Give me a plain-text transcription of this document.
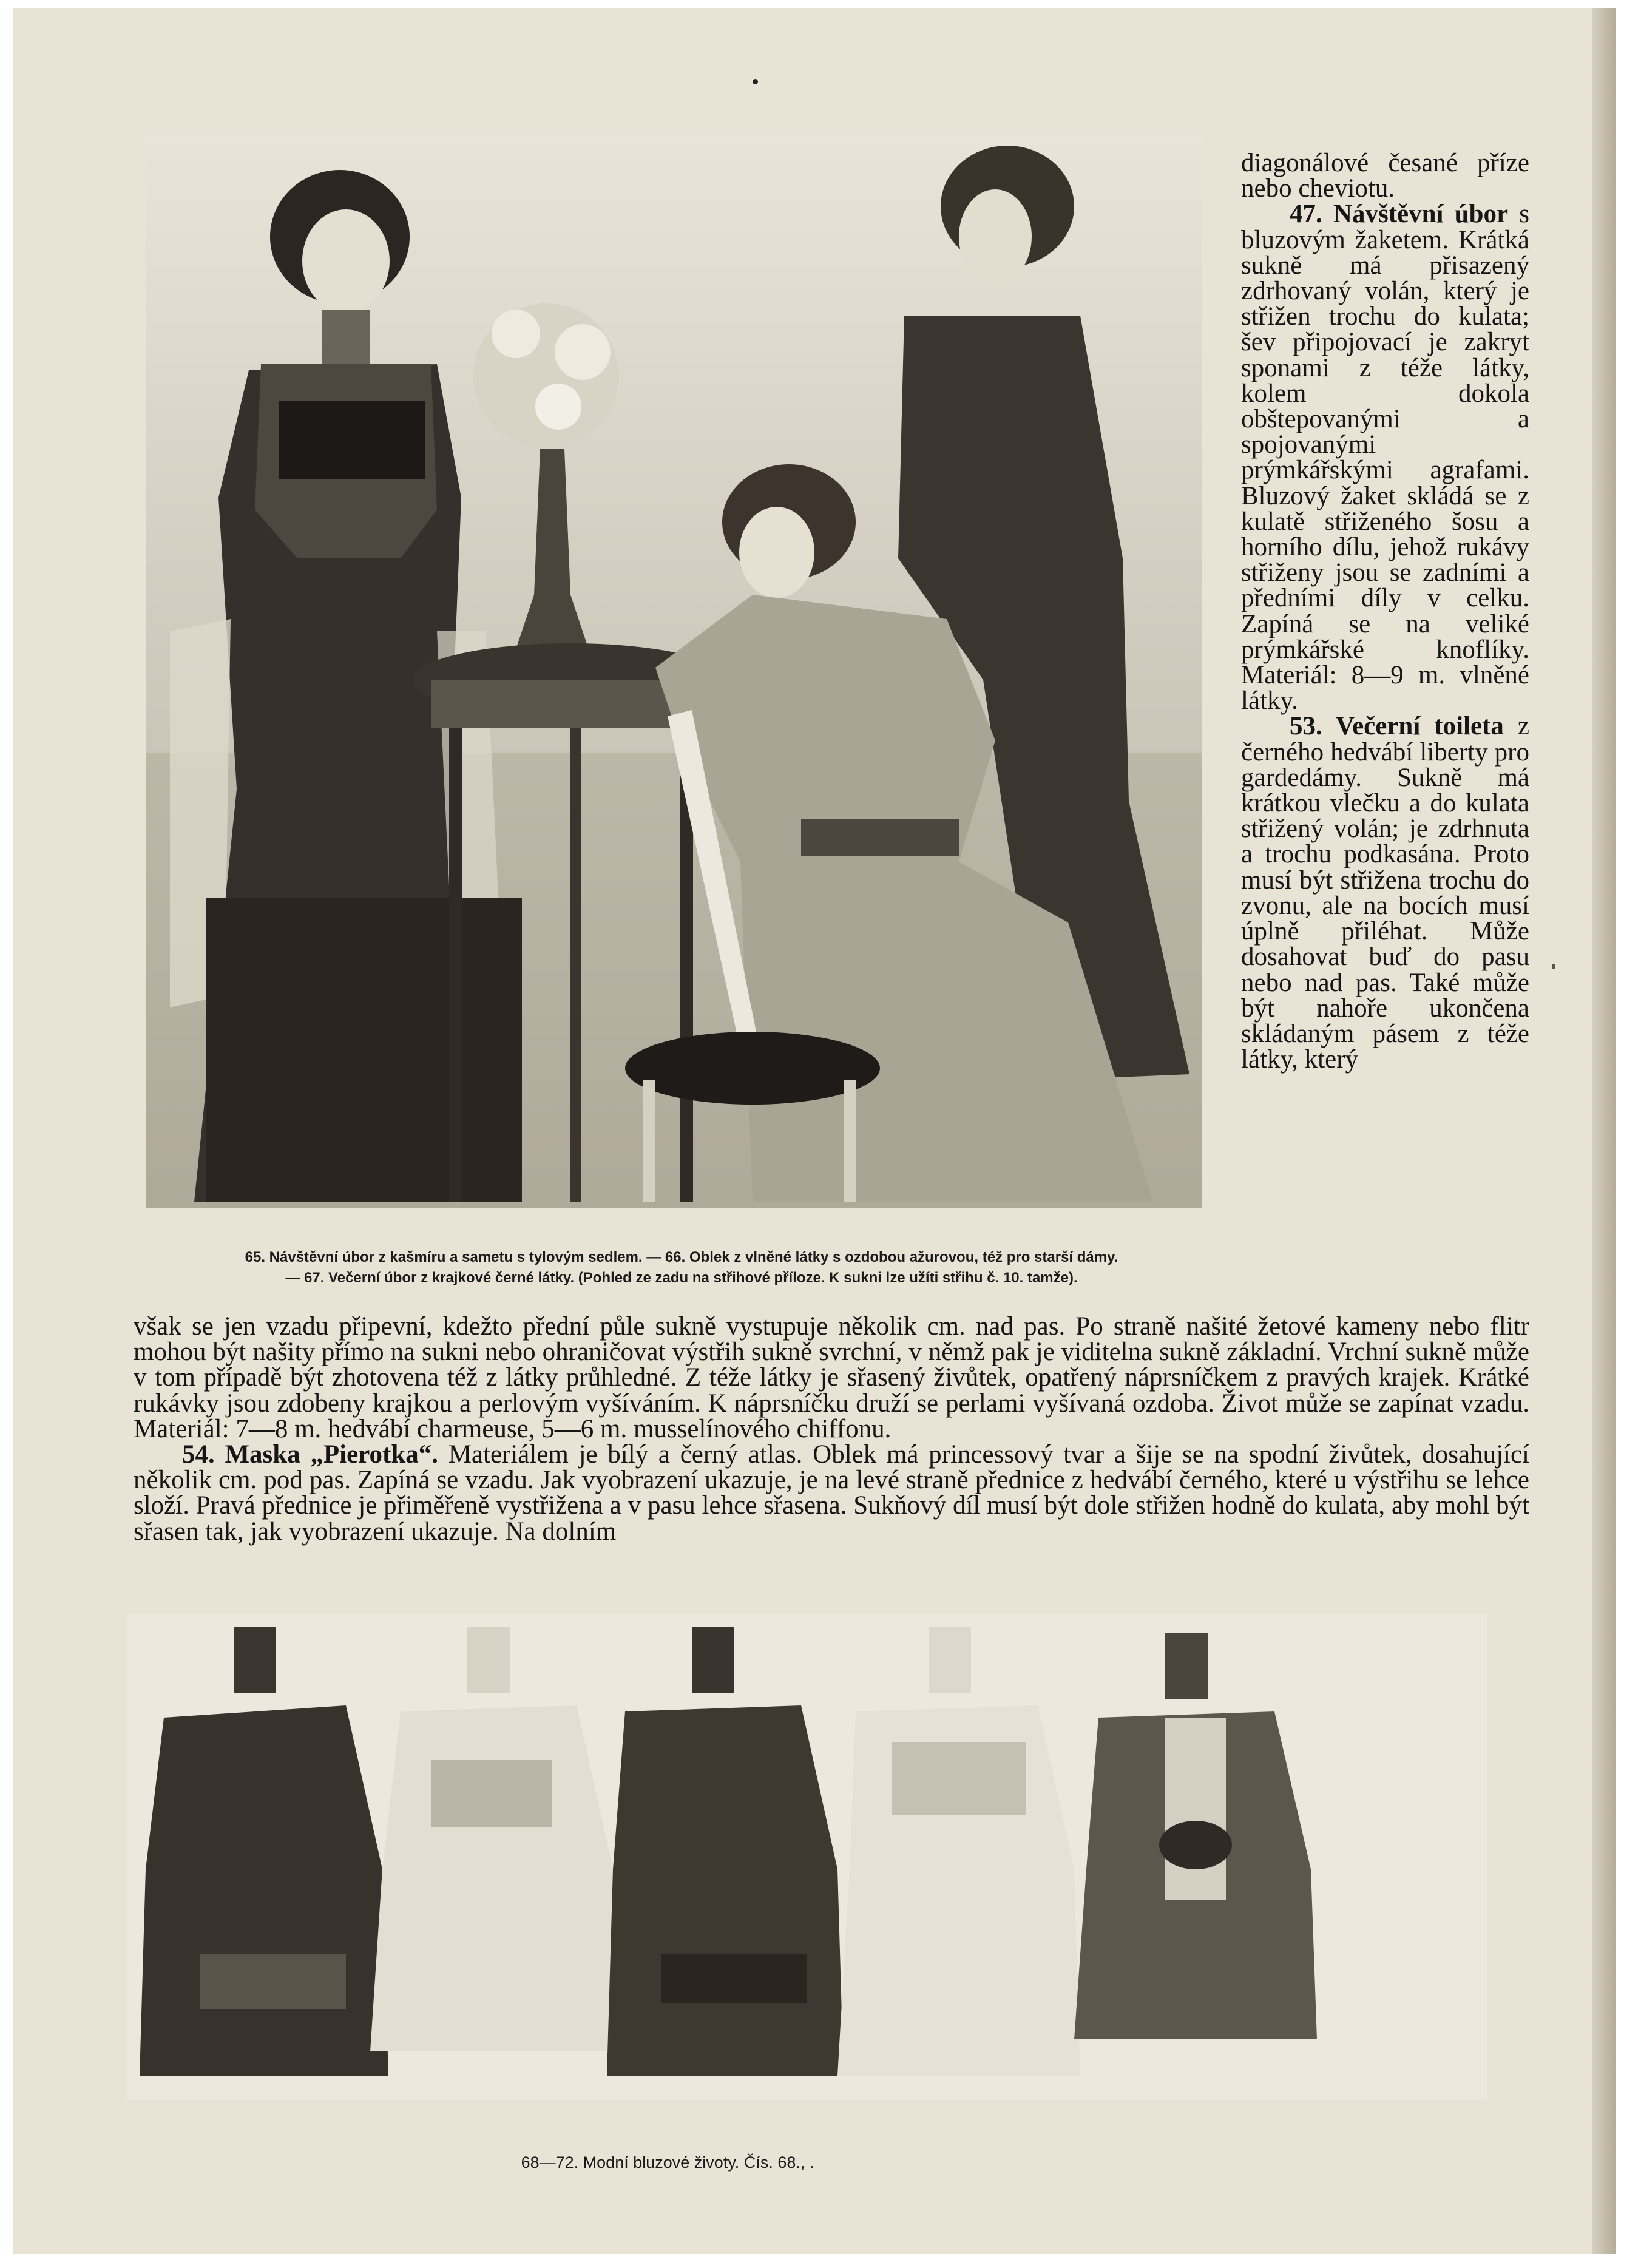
65. Návštěvní úbor z kašmíru a sametu s tylovým sedlem. — 66. Oblek z vlněné látky s ozdobou ažurovou, též pro starší dámy.
— 67. Večerní úbor z krajkové černé látky. (Pohled ze zadu na střihové příloze. K sukni lze užíti střihu č. 10. tamže).
diagonálové česané příze nebo cheviotu.
47. Návštěvní úbor s bluzovým žaketem. Krátká sukně má přisazený zdrhovaný volán, který je střižen trochu do kulata; šev připojovací je zakryt sponami z téže látky, kolem dokola obštepovanými a spojovanými prýmkářskými agrafami. Bluzový žaket skládá se z kulatě střiženého šosu a horního dílu, jehož rukávy střiženy jsou se zadními a předními díly v celku. Zapíná se na veliké prýmkářské knoflíky. Materiál: 8—9 m. vlněné látky.
53. Večerní toileta z černého hedvábí liberty pro gardedámy. Sukně má krátkou vlečku a do kulata střižený volán; je zdrhnuta a trochu podkasána. Proto musí být střižena trochu do zvonu, ale na bocích musí úplně přiléhat. Může dosahovat buď do pasu nebo nad pas. Také může být nahoře ukončena skládaným pásem z téže látky, který
však se jen vzadu připevní, kdežto přední půle sukně vystupuje několik cm. nad pas. Po straně našité žetové kameny nebo flitr mohou být našity přímo na sukni nebo ohraničovat výstřih sukně svrchní, v němž pak je viditelna sukně základní. Vrchní sukně může v tom případě být zhotovena též z látky průhledné. Z téže látky je sřasený živůtek, opatřený náprsníčkem z pravých krajek. Krátké rukávky jsou zdobeny krajkou a perlovým vyšíváním. K náprsníčku druží se perlami vyšívaná ozdoba. Život může se zapínat vzadu. Materiál: 7—8 m. hedvábí charmeuse, 5—6 m. musselínového chiffonu.
54. Maska „Pierotka“. Materiálem je bílý a černý atlas. Oblek má princessový tvar a šije se na spodní živůtek, dosahující několik cm. pod pas. Zapíná se vzadu. Jak vyobrazení ukazuje, je na levé straně přednice z hedvábí černého, které u výstřihu se lehce složí. Pravá přednice je přiměřeně vystřižena a v pasu lehce sřasena. Sukňový díl musí být dole střižen hodně do kulata, aby mohl být sřasen tak, jak vyobrazení ukazuje. Na dolním
68—72. Modní bluzové životy. Čís. 68., .
